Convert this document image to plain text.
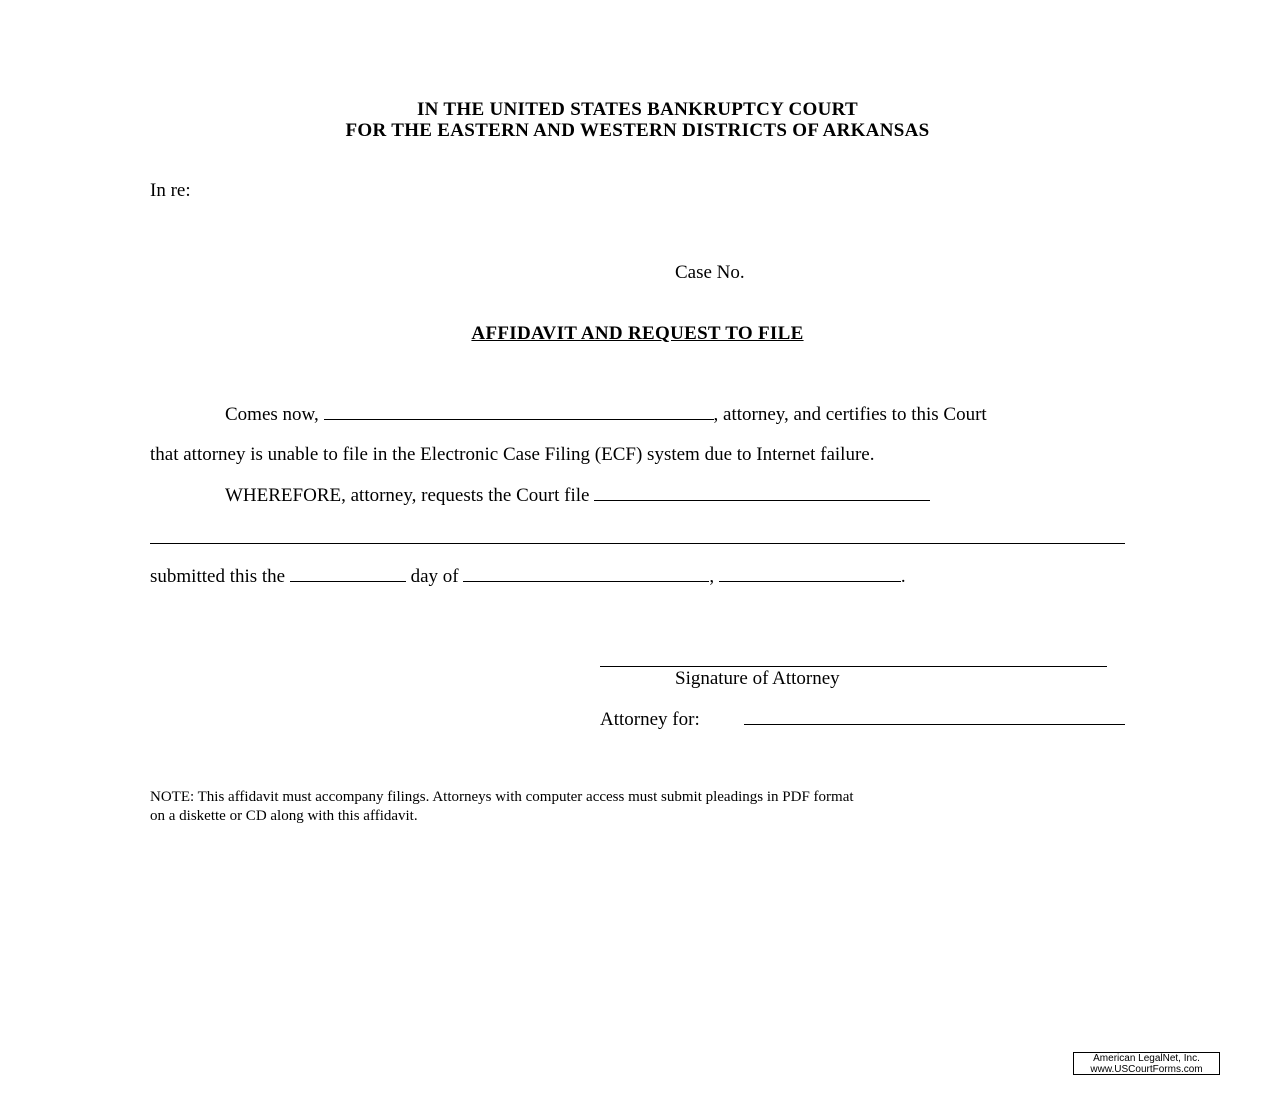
IN THE UNITED STATES BANKRUPTCY COURT
FOR THE EASTERN AND WESTERN DISTRICTS OF ARKANSAS
In re:
Case No.
AFFIDAVIT AND REQUEST TO FILE
Comes now,	, attorney, and certifies to this Court
that attorney is unable to file in the Electronic Case Filing (ECF) system due to Internet failure.
WHEREFORE, attorney, requests the Court file
submitted this the	day of	,	.
Signature of Attorney
Attorney for:
NOTE: This affidavit must accompany filings. Attorneys with computer access must submit pleadings in PDF format
on a diskette or CD along with this affidavit.
American LegalNet, Inc.
www.USCourtForms.com
